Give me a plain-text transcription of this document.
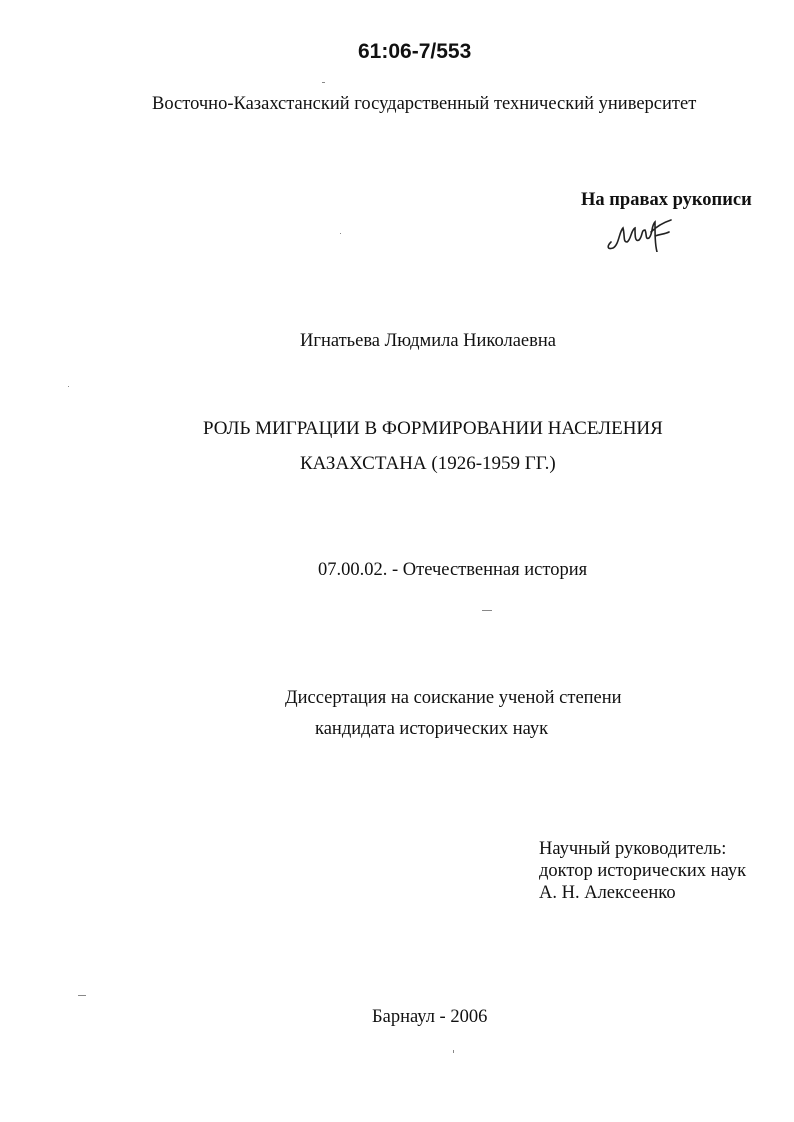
61:06-7/553
Восточно-Казахстанский государственный технический университет
На правах рукописи
Игнатьева Людмила Николаевна
РОЛЬ МИГРАЦИИ В ФОРМИРОВАНИИ НАСЕЛЕНИЯ
КАЗАХСТАНА (1926-1959 ГГ.)
07.00.02. - Отечественная история
Диссертация на соискание ученой степени
кандидата исторических наук
Научный руководитель:
доктор исторических наук
А. Н. Алексеенко
Барнаул - 2006
